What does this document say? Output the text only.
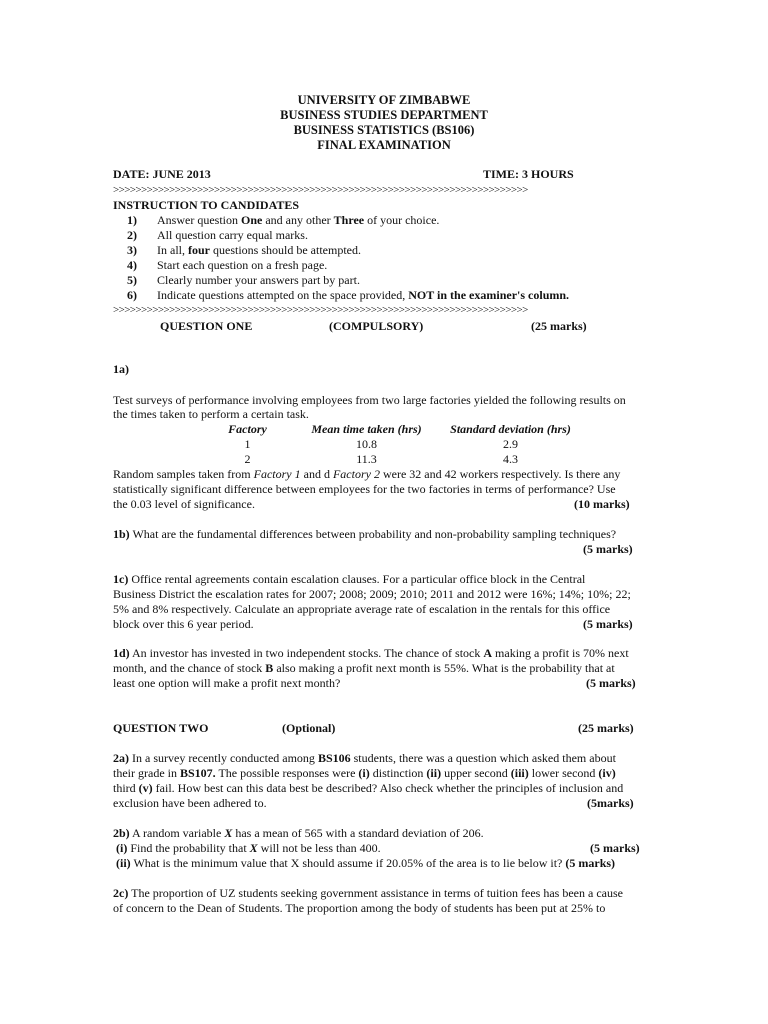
UNIVERSITY OF ZIMBABWE
BUSINESS STUDIES DEPARTMENT
BUSINESS STATISTICS (BS106)
FINAL EXAMINATION
DATE: JUNE 2013	TIME: 3 HOURS
>>>>>>>>>>>>>>>>>>>>>>>>>>>>>>>>>>>>>>>>>>>>>>>>>>>>>>>>>>>>>>>>>>>>>>>>>>
INSTRUCTION TO CANDIDATES
1) Answer question One and any other Three of your choice.
2) All question carry equal marks.
3) In all, four questions should be attempted.
4) Start each question on a fresh page.
5) Clearly number your answers part by part.
6) Indicate questions attempted on the space provided, NOT in the examiner's column.
>>>>>>>>>>>>>>>>>>>>>>>>>>>>>>>>>>>>>>>>>>>>>>>>>>>>>>>>>>>>>>>>>>>>>>>>>>
QUESTION ONE	(COMPULSORY)	(25 marks)
1a)
Test surveys of performance involving employees from two large factories yielded the following results on
the times taken to perform a certain task.
Factory	Mean time taken (hrs)	Standard deviation (hrs)
1	10.8	2.9
2	11.3	4.3
Random samples taken from Factory 1 and d Factory 2 were 32 and 42 workers respectively. Is there any
statistically significant difference between employees for the two factories in terms of performance? Use
the 0.03 level of significance.	(10 marks)
1b) What are the fundamental differences between probability and non-probability sampling techniques?
(5 marks)
1c) Office rental agreements contain escalation clauses. For a particular office block in the Central
Business District the escalation rates for 2007; 2008; 2009; 2010; 2011 and 2012 were 16%; 14%; 10%; 22;
5% and 8% respectively. Calculate an appropriate average rate of escalation in the rentals for this office
block over this 6 year period.	(5 marks)
1d) An investor has invested in two independent stocks. The chance of stock A making a profit is 70% next
month, and the chance of stock B also making a profit next month is 55%. What is the probability that at
least one option will make a profit next month?	(5 marks)
QUESTION TWO	(Optional)	(25 marks)
2a) In a survey recently conducted among BS106 students, there was a question which asked them about
their grade in BS107. The possible responses were (i) distinction (ii) upper second (iii) lower second (iv)
third (v) fail. How best can this data best be described? Also check whether the principles of inclusion and
exclusion have been adhered to.	(5marks)
2b) A random variable X has a mean of 565 with a standard deviation of 206.
(i) Find the probability that X will not be less than 400.	(5 marks)
(ii) What is the minimum value that X should assume if 20.05% of the area is to lie below it? (5 marks)
2c) The proportion of UZ students seeking government assistance in terms of tuition fees has been a cause
of concern to the Dean of Students. The proportion among the body of students has been put at 25% to
